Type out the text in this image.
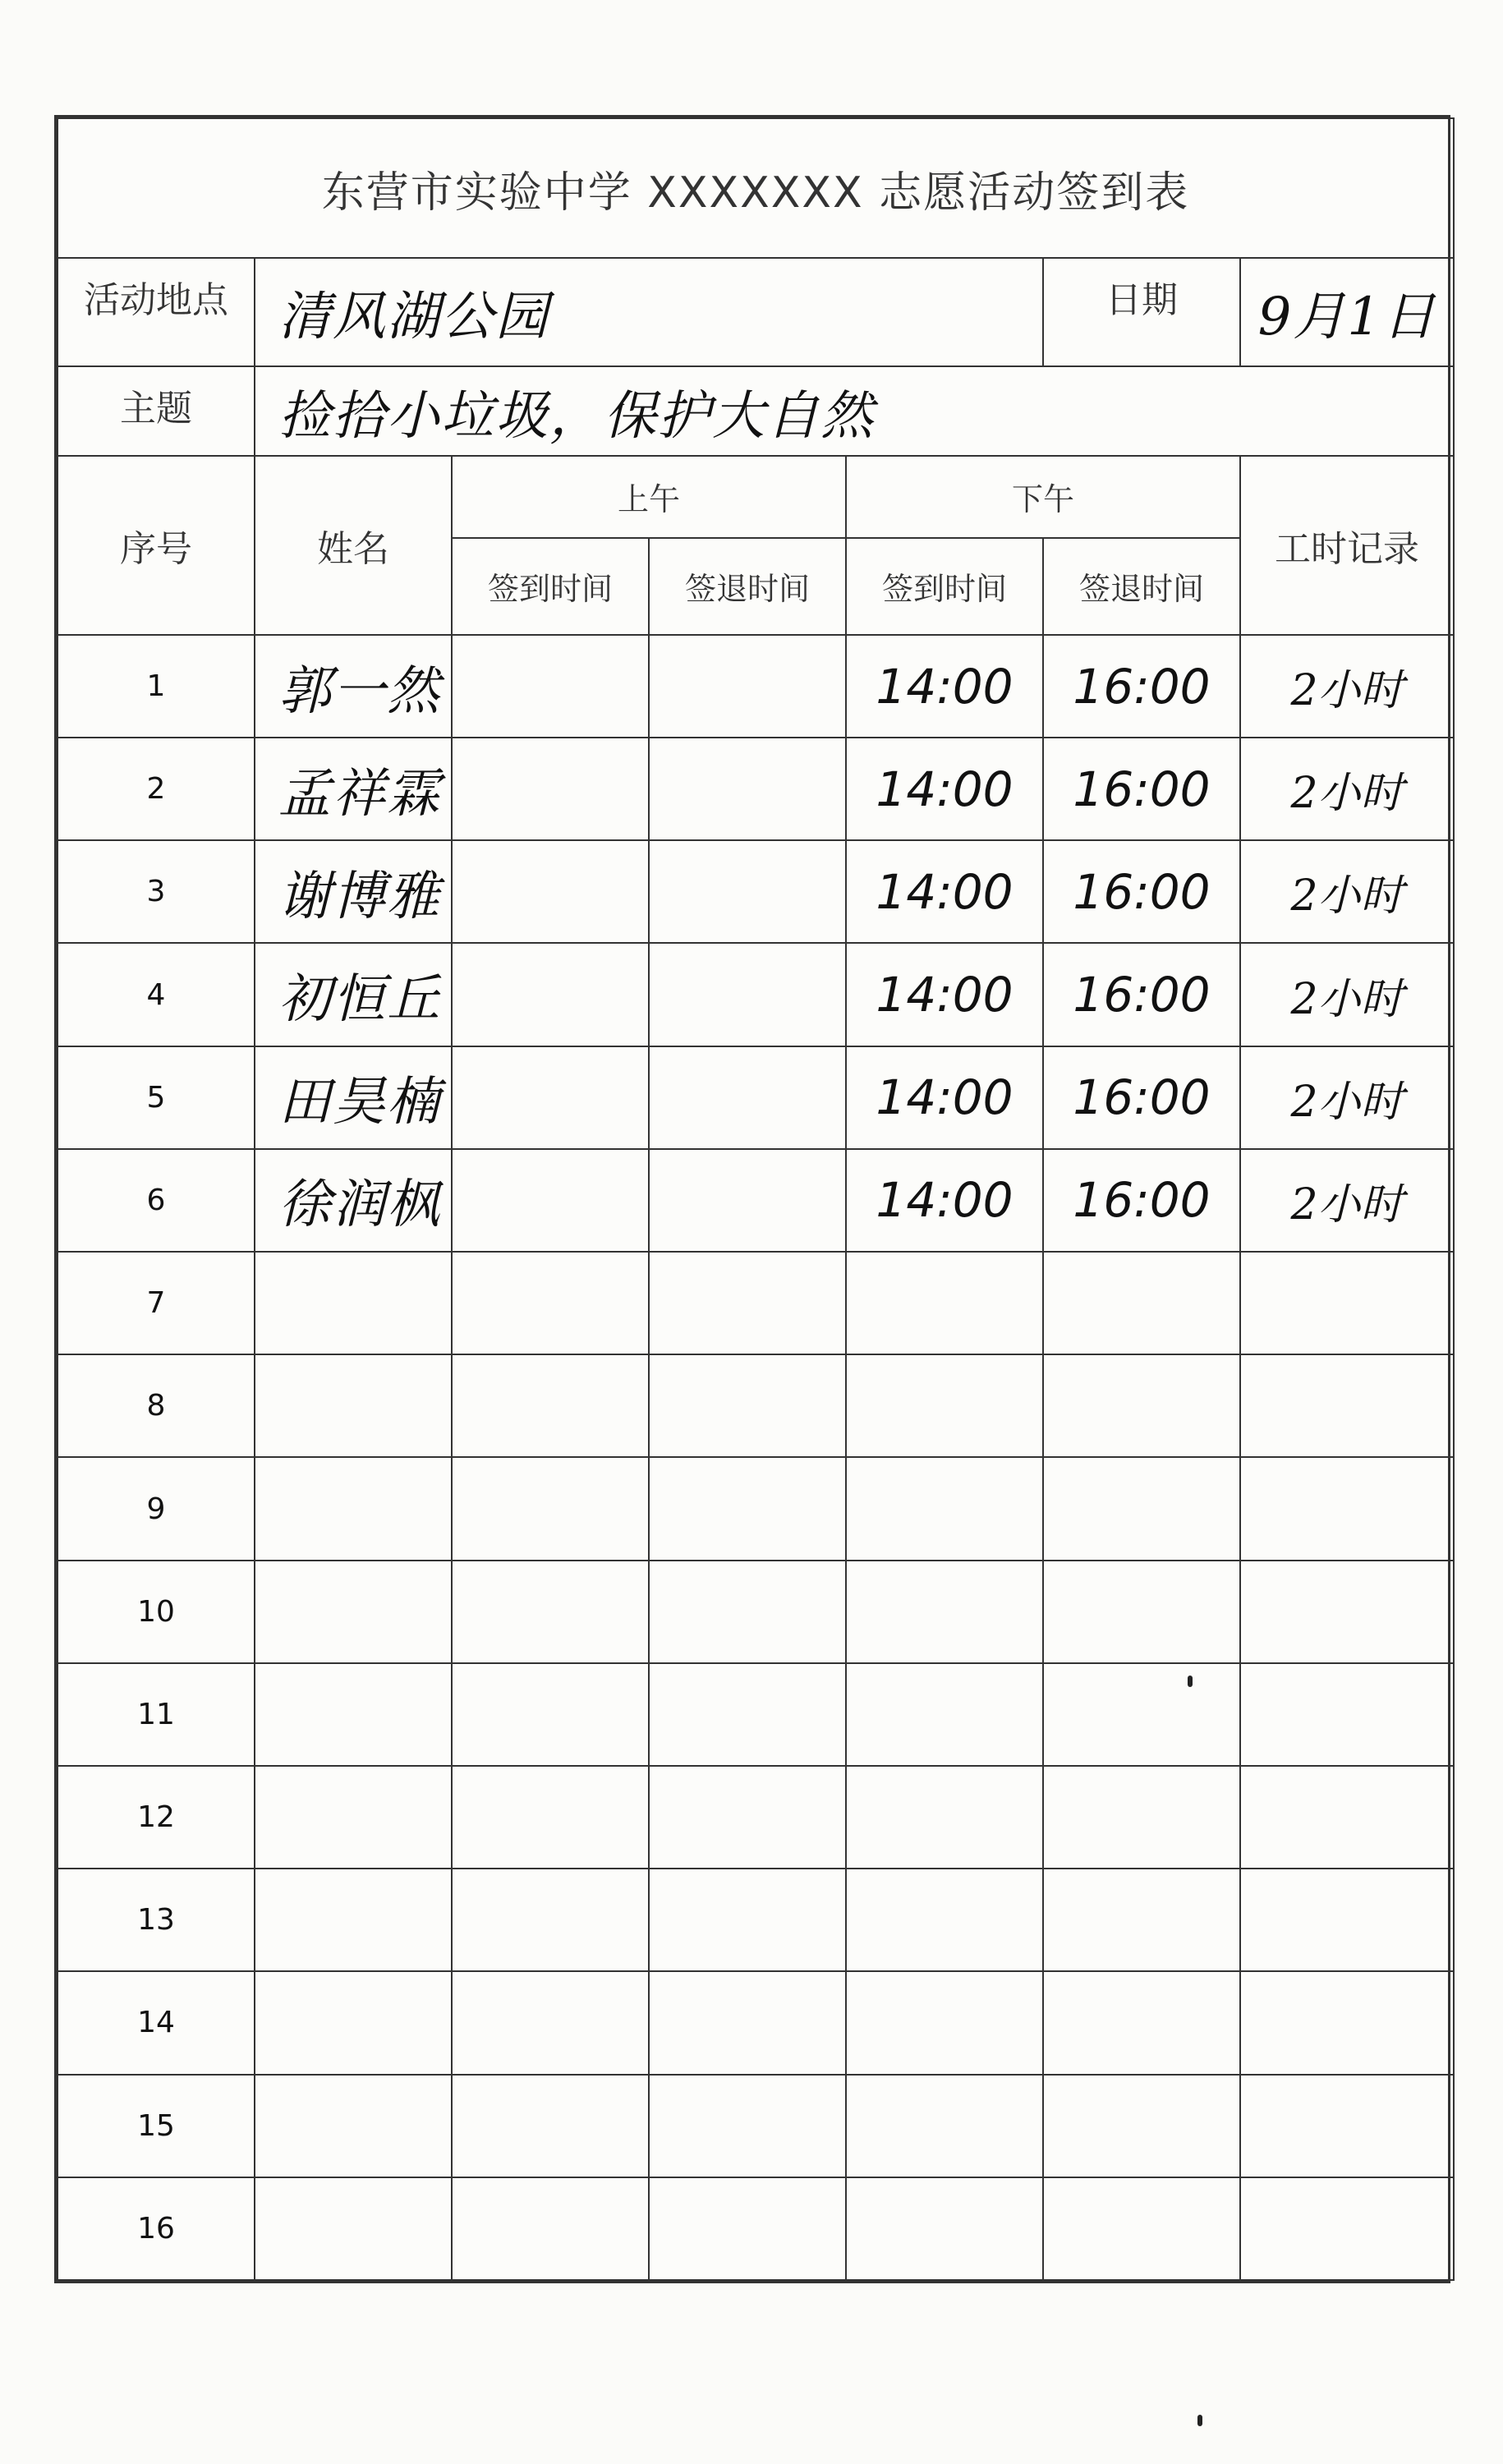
东营市实验中学 XXXXXXX 志愿活动签到表						
活动地点	清风湖公园				日期	9月1日
主题	捡拾小垃圾，保护大自然					
序号	姓名	上午		下午		工时记录
		签到时间	签退时间	签到时间	签退时间	
1	郭一然			14:00	16:00	2小时
2	孟祥霖			14:00	16:00	2小时
3	谢博雅			14:00	16:00	2小时
4	初恒丘			14:00	16:00	2小时
5	田昊楠			14:00	16:00	2小时
6	徐润枫			14:00	16:00	2小时
7						
8						
9						
10						
11						
12						
13						
14						
15						
16						
